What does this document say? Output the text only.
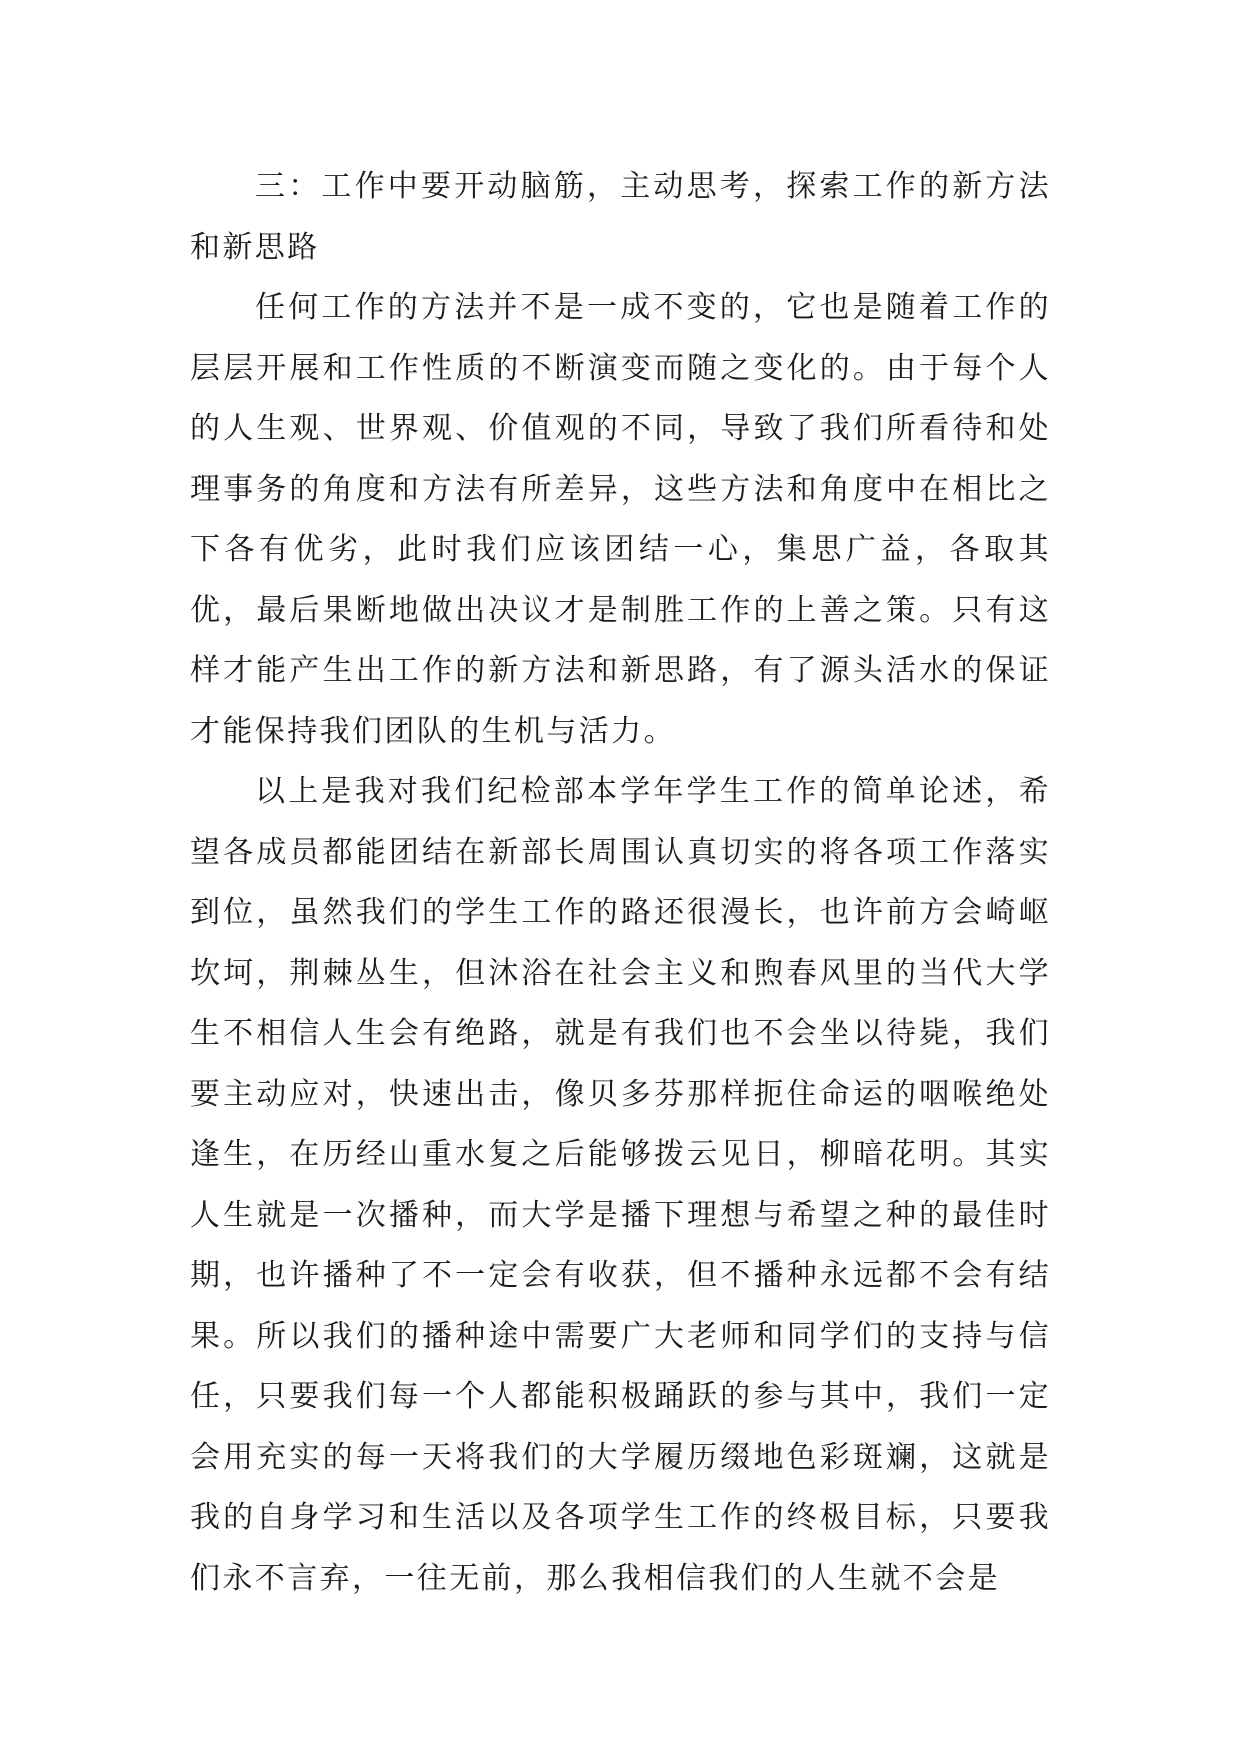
三：工作中要开动脑筋，主动思考，探索工作的新方法和新思路

任何工作的方法并不是一成不变的，它也是随着工作的层层开展和工作性质的不断演变而随之变化的。由于每个人的人生观、世界观、价值观的不同，导致了我们所看待和处理事务的角度和方法有所差异，这些方法和角度中在相比之下各有优劣，此时我们应该团结一心，集思广益，各取其优，最后果断地做出决议才是制胜工作的上善之策。只有这样才能产生出工作的新方法和新思路，有了源头活水的保证才能保持我们团队的生机与活力。

以上是我对我们纪检部本学年学生工作的简单论述，希望各成员都能团结在新部长周围认真切实的将各项工作落实到位，虽然我们的学生工作的路还很漫长，也许前方会崎岖坎坷，荆棘丛生，但沐浴在社会主义和煦春风里的当代大学生不相信人生会有绝路，就是有我们也不会坐以待毙，我们要主动应对，快速出击，像贝多芬那样扼住命运的咽喉绝处逢生，在历经山重水复之后能够拨云见日，柳暗花明。其实人生就是一次播种，而大学是播下理想与希望之种的最佳时期，也许播种了不一定会有收获，但不播种永远都不会有结果。所以我们的播种途中需要广大老师和同学们的支持与信任，只要我们每一个人都能积极踊跃的参与其中，我们一定会用充实的每一天将我们的大学履历缀地色彩斑斓，这就是我的自身学习和生活以及各项学生工作的终极目标，只要我们永不言弃，一往无前，那么我相信我们的人生就不会是
